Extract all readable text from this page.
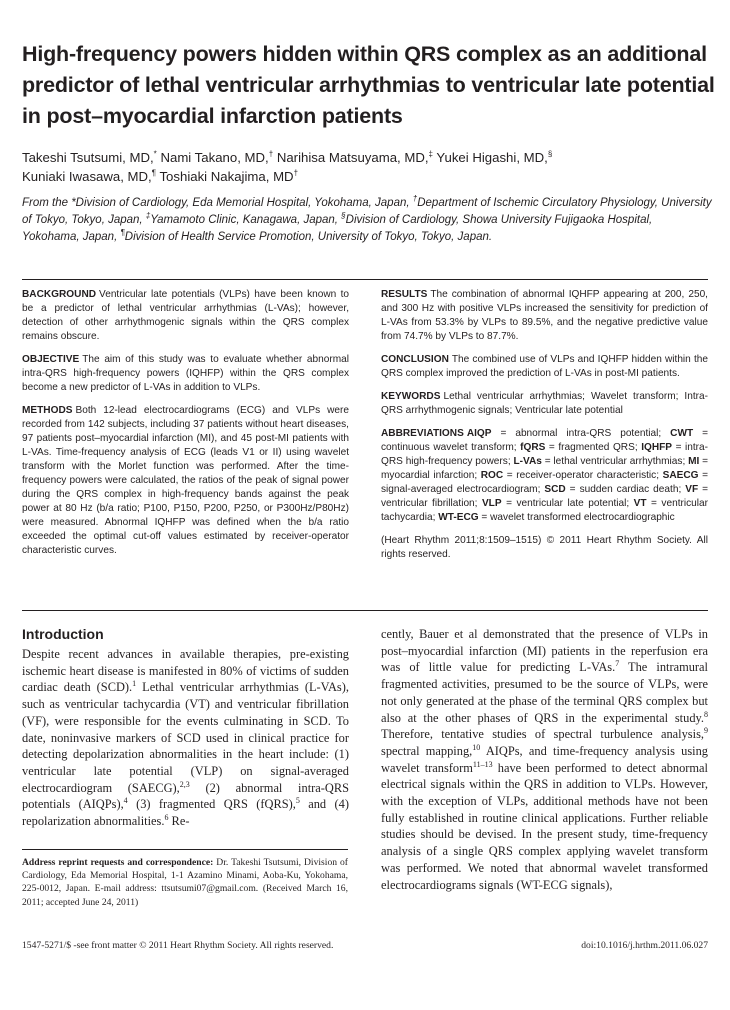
High-frequency powers hidden within QRS complex as an additional predictor of lethal ventricular arrhythmias to ventricular late potential in post–myocardial infarction patients
Takeshi Tsutsumi, MD,* Nami Takano, MD,† Narihisa Matsuyama, MD,‡ Yukei Higashi, MD,§
Kuniaki Iwasawa, MD,¶ Toshiaki Nakajima, MD†
From the *Division of Cardiology, Eda Memorial Hospital, Yokohama, Japan, †Department of Ischemic Circulatory Physiology, University of Tokyo, Tokyo, Japan, ‡Yamamoto Clinic, Kanagawa, Japan, §Division of Cardiology, Showa University Fujigaoka Hospital, Yokohama, Japan, ¶Division of Health Service Promotion, University of Tokyo, Tokyo, Japan.

BACKGROUND Ventricular late potentials (VLPs) have been known to be a predictor of lethal ventricular arrhythmias (L-VAs); however, detection of other arrhythmogenic signals within the QRS complex remains obscure.

OBJECTIVE The aim of this study was to evaluate whether abnormal intra-QRS high-frequency powers (IQHFP) within the QRS complex become a new predictor of L-VAs in addition to VLPs.

METHODS Both 12-lead electrocardiograms (ECG) and VLPs were recorded from 142 subjects, including 37 patients without heart diseases, 97 patients post–myocardial infarction (MI), and 45 post-MI patients with L-VAs. Time-frequency analysis of ECG (leads V1 or II) using wavelet transform with the Morlet function was performed. After the time-frequency powers were calculated, the ratios of the peak of signal power during the QRS complex in high-frequency bands against the peak power at 80 Hz (b/a ratio; P100, P150, P200, P250, or P300Hz/P80Hz) were measured. Abnormal IQHFP was defined when the b/a ratio exceeded the optimal cut-off values estimated by receiver-operator characteristic curves.

RESULTS The combination of abnormal IQHFP appearing at 200, 250, and 300 Hz with positive VLPs increased the sensitivity for prediction of L-VAs from 53.3% by VLPs to 89.5%, and the negative predictive value from 74.7% by VLPs to 87.7%.

CONCLUSION The combined use of VLPs and IQHFP hidden within the QRS complex improved the prediction of L-VAs in post-MI patients.

KEYWORDS Lethal ventricular arrhythmias; Wavelet transform; Intra-QRS arrhythmogenic signals; Ventricular late potential

ABBREVIATIONS AIQP = abnormal intra-QRS potential; CWT = continuous wavelet transform; fQRS = fragmented QRS; IQHFP = intra-QRS high-frequency powers; L-VAs = lethal ventricular arrhythmias; MI = myocardial infarction; ROC = receiver-operator characteristic; SAECG = signal-averaged electrocardiogram; SCD = sudden cardiac death; VF = ventricular fibrillation; VLP = ventricular late potential; VT = ventricular tachycardia; WT-ECG = wavelet transformed electrocardiographic

(Heart Rhythm 2011;8:1509–1515) © 2011 Heart Rhythm Society. All rights reserved.

Introduction

Despite recent advances in available therapies, pre-existing ischemic heart disease is manifested in 80% of victims of sudden cardiac death (SCD).$^1$ Lethal ventricular arrhythmias (L-VAs), such as ventricular tachycardia (VT) and ventricular fibrillation (VF), were responsible for the events culminating in SCD. To date, noninvasive markers of SCD used in clinical practice for detecting depolarization abnormalities in the heart include: (1) ventricular late potential (VLP) on signal-averaged electrocardiogram (SAECG),$^{2,3}$ (2) abnormal intra-QRS potentials (AIQPs),$^4$ (3) fragmented QRS (fQRS),$^5$ and (4) repolarization abnormalities.$^6$ Re-

cently, Bauer et al demonstrated that the presence of VLPs in post–myocardial infarction (MI) patients in the reperfusion era was of little value for predicting L-VAs.$^7$ The intramural fragmented activities, presumed to be the source of VLPs, were not only generated at the phase of the terminal QRS complex but also at the other phases of QRS in the experimental study.$^8$ Therefore, tentative studies of spectral turbulence analysis,$^9$ spectral mapping,$^{10}$ AIQPs, and time-frequency analysis using wavelet transform$^{11-13}$ have been performed to detect abnormal electrical signals within the QRS in addition to VLPs. However, with the exception of VLPs, additional methods have not been fully established in routine clinical applications. Further reliable studies should be devised. In the present study, time-frequency analysis of a single QRS complex applying wavelet transform was performed. We noted that abnormal wavelet transformed electrocardiograms signals (WT-ECG signals),

Address reprint requests and correspondence: Dr. Takeshi Tsutsumi, Division of Cardiology, Eda Memorial Hospital, 1-1 Azamino Minami, Aoba-Ku, Yokohama, 225-0012, Japan. E-mail address: ttsutsumi07@gmail.com. (Received March 16, 2011; accepted June 24, 2011)
1547-5271/$ -see front matter © 2011 Heart Rhythm Society. All rights reserved.	doi:10.1016/j.hrthm.2011.06.027
